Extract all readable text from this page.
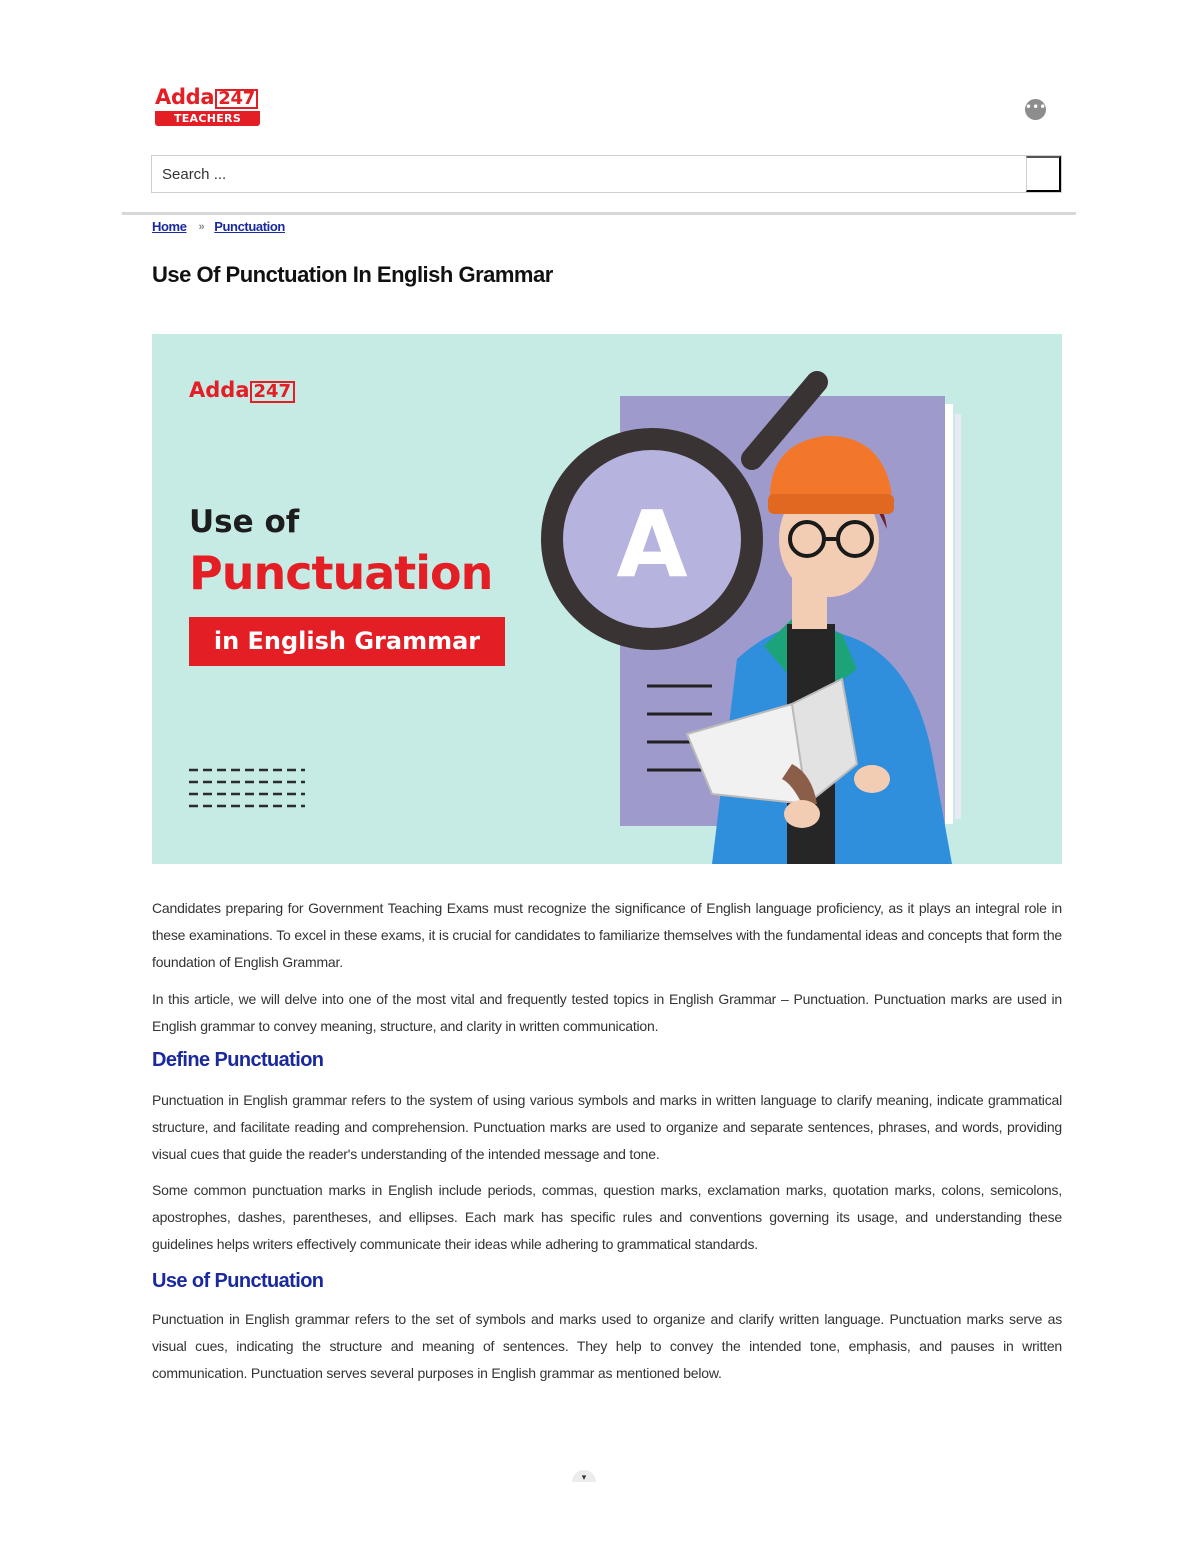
Adda 247
TEACHERS
•••
Search ...
Home » Punctuation
Use Of Punctuation In English Grammar
A
Adda 247
Use of
Punctuation
in English Grammar

Candidates preparing for Government Teaching Exams must recognize the significance of English language proficiency, as it plays an integral role in these examinations. To excel in these exams, it is crucial for candidates to familiarize themselves with the fundamental ideas and concepts that form the foundation of English Grammar.

In this article, we will delve into one of the most vital and frequently tested topics in English Grammar – Punctuation. Punctuation marks are used in English grammar to convey meaning, structure, and clarity in written communication.

Define Punctuation

Punctuation in English grammar refers to the system of using various symbols and marks in written language to clarify meaning, indicate grammatical structure, and facilitate reading and comprehension. Punctuation marks are used to organize and separate sentences, phrases, and words, providing visual cues that guide the reader's understanding of the intended message and tone.

Some common punctuation marks in English include periods, commas, question marks, exclamation marks, quotation marks, colons, semicolons, apostrophes, dashes, parentheses, and ellipses. Each mark has specific rules and conventions governing its usage, and understanding these guidelines helps writers effectively communicate their ideas while adhering to grammatical standards.

Use of Punctuation

Punctuation in English grammar refers to the set of symbols and marks used to organize and clarify written language. Punctuation marks serve as visual cues, indicating the structure and meaning of sentences. They help to convey the intended tone, emphasis, and pauses in written communication. Punctuation serves several purposes in English grammar as mentioned below.

▾
